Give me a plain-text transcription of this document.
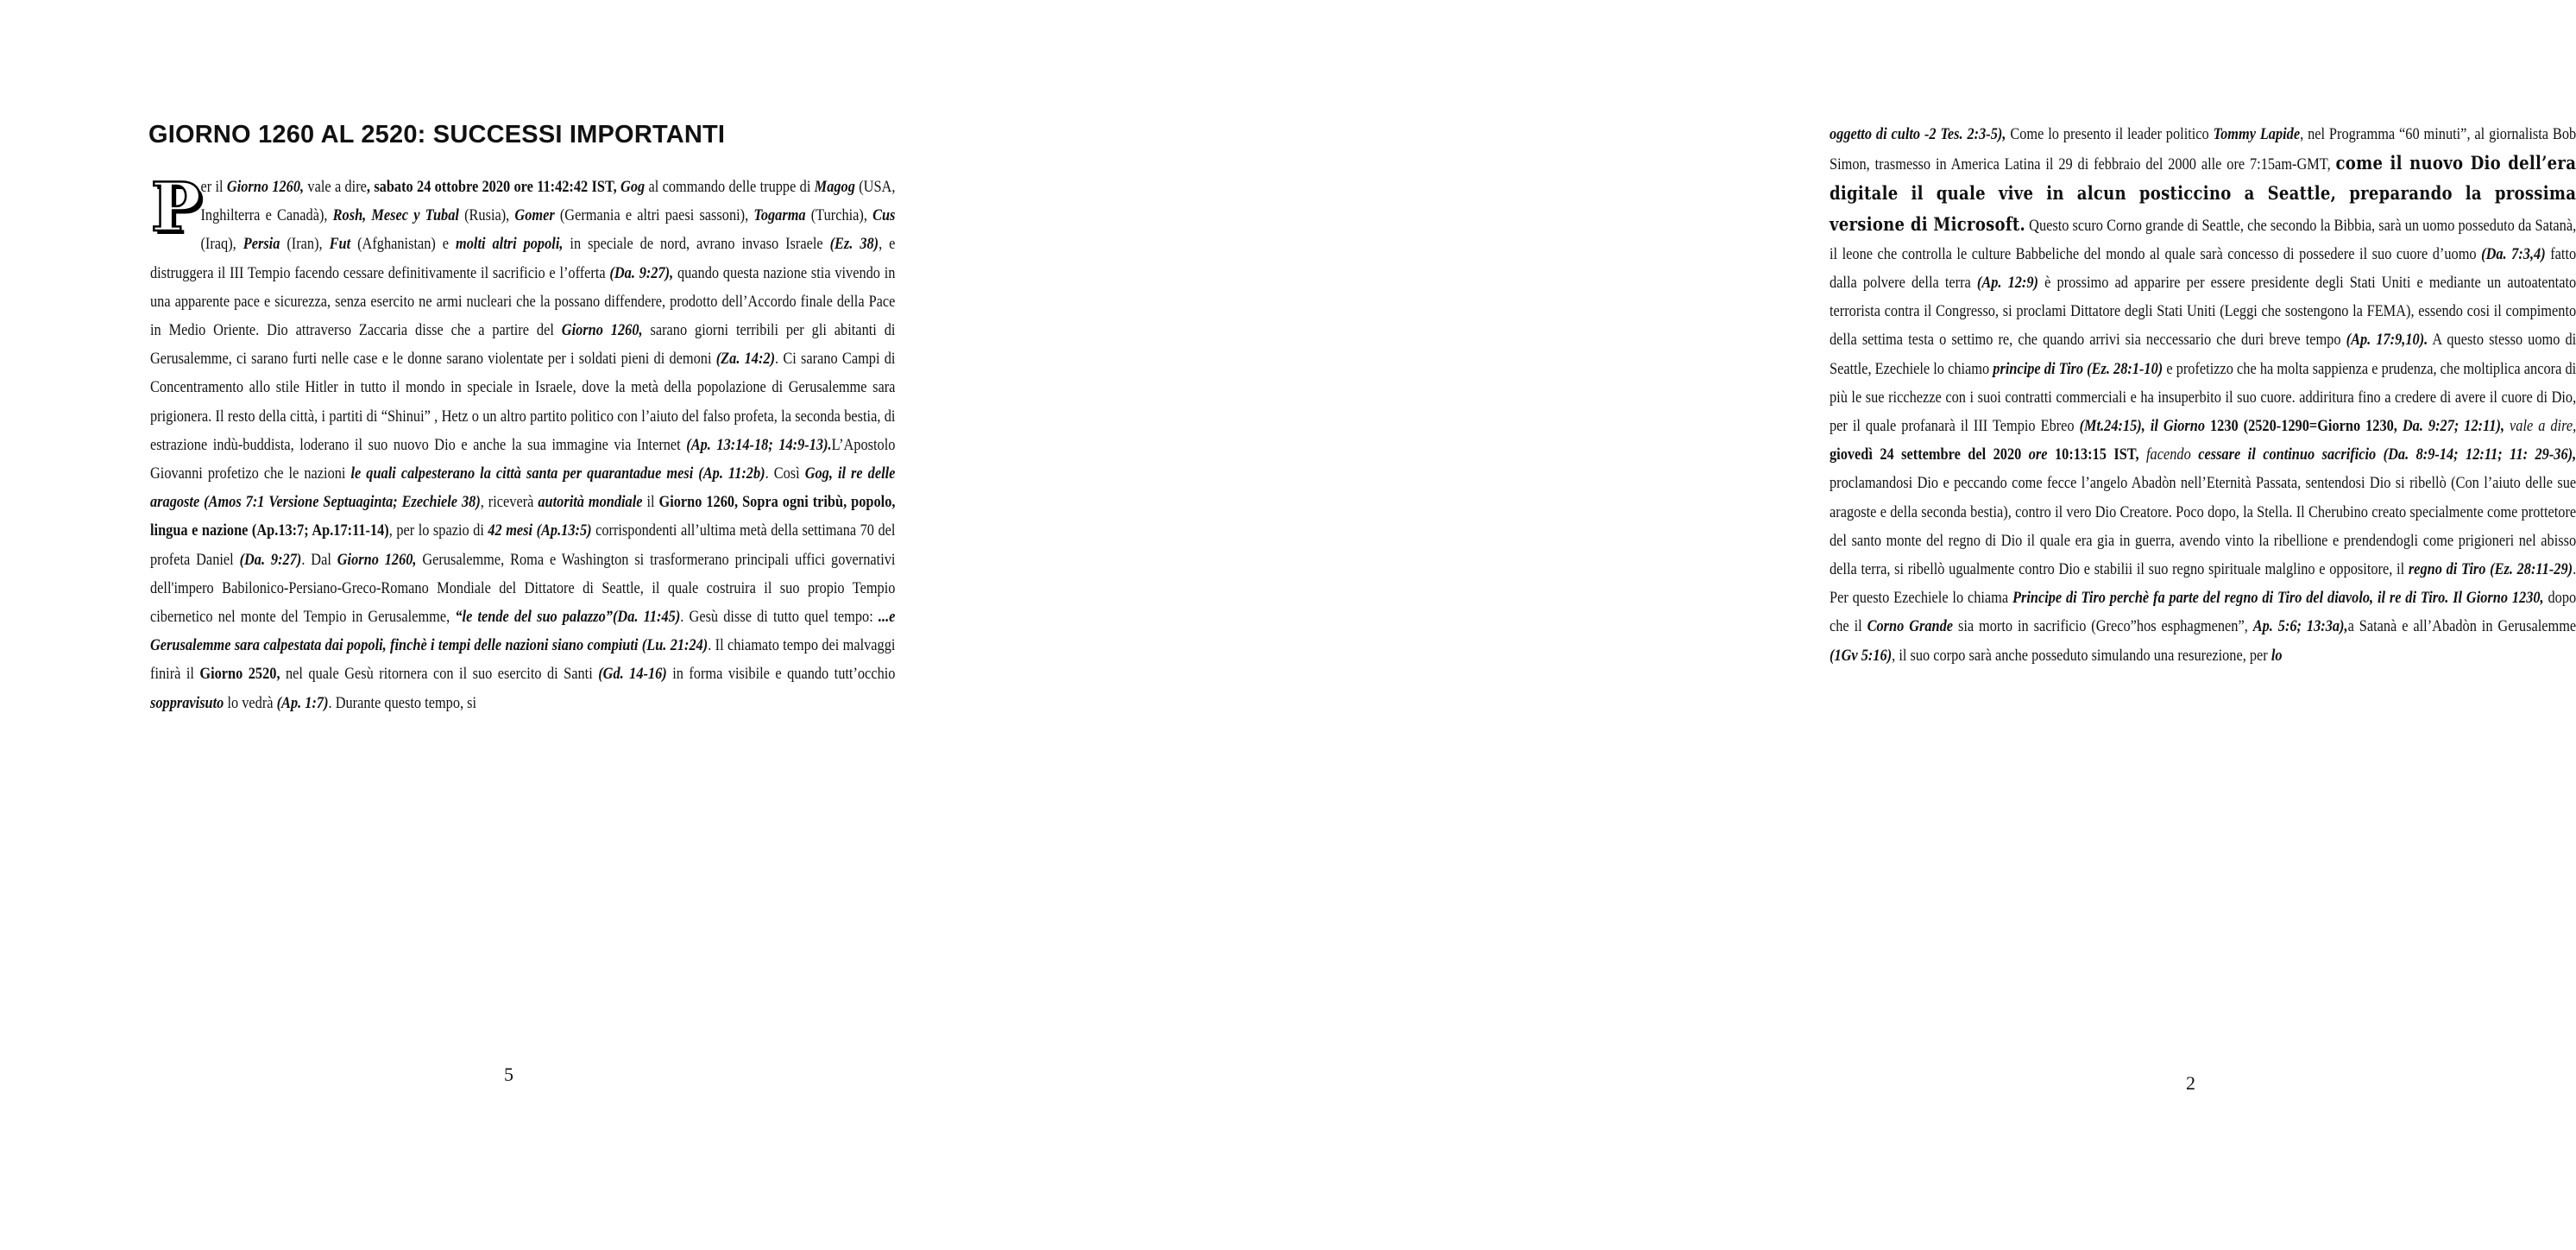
GIORNO 1260 AL 2520: SUCCESSI IMPORTANTI
Per il Giorno 1260, vale a dire, sabato 24 ottobre 2020 ore 11:42:42 IST, Gog al commando delle truppe di Magog (USA, Inghilterra e Canadà), Rosh, Mesec y Tubal (Rusia), Gomer (Germania e altri paesi sassoni), Togarma (Turchia), Cus (Iraq), Persia (Iran), Fut (Afghanistan) e molti altri popoli, in speciale de nord, avrano invaso Israele (Ez. 38), e distruggera il III Tempio facendo cessare definitivamente il sacrificio e l’offerta (Da. 9:27), quando questa nazione stia vivendo in una apparente pace e sicurezza, senza esercito ne armi nucleari che la possano diffendere, prodotto dell’Accordo finale della Pace in Medio Oriente. Dio attraverso Zaccaria disse che a partire del Giorno 1260, sarano giorni terribili per gli abitanti di Gerusalemme, ci sarano furti nelle case e le donne sarano violentate per i soldati pieni di demoni (Za. 14:2). Ci sarano Campi di Concentramento allo stile Hitler in tutto il mondo in speciale in Israele, dove la metà della popolazione di Gerusalemme sara prigionera. Il resto della città, i partiti di “Shinui” , Hetz o un altro partito politico con l’aiuto del falso profeta, la seconda bestia, di estrazione indù-buddista, loderano il suo nuovo Dio e anche la sua immagine via Internet (Ap. 13:14-18; 14:9-13).L’Apostolo Giovanni profetizo che le nazioni le quali calpesterano la città santa per quarantadue mesi (Ap. 11:2b). Così Gog, il re delle aragoste (Amos 7:1 Versione Septuaginta; Ezechiele 38), riceverà autorità mondiale il Giorno 1260, Sopra ogni tribù, popolo, lingua e nazione (Ap.13:7; Ap.17:11-14), per lo spazio di 42 mesi (Ap.13:5) corrispondenti all’ultima metà della settimana 70 del profeta Daniel (Da. 9:27). Dal Giorno 1260, Gerusalemme, Roma e Washington si trasformerano principali uffici governativi dell'impero Babilonico-Persiano-Greco-Romano Mondiale del Dittatore di Seattle, il quale costruira il suo propio Tempio cibernetico nel monte del Tempio in Gerusalemme, “le tende del suo palazzo”(Da. 11:45). Gesù disse di tutto quel tempo: ...e Gerusalemme sara calpestata dai popoli, finchè i tempi delle nazioni siano compiuti (Lu. 21:24). Il chiamato tempo dei malvaggi finirà il Giorno 2520, nel quale Gesù ritornera con il suo esercito di Santi (Gd. 14-16) in forma visibile e quando tutt’occhio soppravisuto lo vedrà (Ap. 1:7). Durante questo tempo, si
5
oggetto di culto -2 Tes. 2:3-5), Come lo presento il leader politico Tommy Lapide, nel Programma “60 minuti”, al giornalista Bob Simon, trasmesso in America Latina il 29 di febbraio del 2000 alle ore 7:15am-GMT, come il nuovo Dio dell’era digitale il quale vive in alcun posticcino a Seattle, preparando la prossima versione di Microsoft. Questo scuro Corno grande di Seattle, che secondo la Bibbia, sarà un uomo posseduto da Satanà, il leone che controlla le culture Babbeliche del mondo al quale sarà concesso di possedere il suo cuore d’uomo (Da. 7:3,4) fatto dalla polvere della terra (Ap. 12:9) è prossimo ad apparire per essere presidente degli Stati Uniti e mediante un autoatentato terrorista contra il Congresso, si proclami Dittatore degli Stati Uniti (Leggi che sostengono la FEMA), essendo cosi il compimento della settima testa o settimo re, che quando arrivi sia neccessario che duri breve tempo (Ap. 17:9,10). A questo stesso uomo di Seattle, Ezechiele lo chiamo principe di Tiro (Ez. 28:1-10) e profetizzo che ha molta sappienza e prudenza, che moltiplica ancora di più le sue ricchezze con i suoi contratti commerciali e ha insuperbito il suo cuore. addiritura fino a credere di avere il cuore di Dio, per il quale profanarà il III Tempio Ebreo (Mt.24:15), il Giorno 1230 (2520-1290=Giorno 1230, Da. 9:27; 12:11), vale a dire, giovedì 24 settembre del 2020 ore 10:13:15 IST, facendo cessare il continuo sacrificio (Da. 8:9-14; 12:11; 11: 29-36), proclamandosi Dio e peccando come fecce l’angelo Abadòn nell’Eternità Passata, sentendosi Dio si ribellò (Con l’aiuto delle sue aragoste e della seconda bestia), contro il vero Dio Creatore. Poco dopo, la Stella. Il Cherubino creato specialmente come prottetore del santo monte del regno di Dio il quale era gia in guerra, avendo vinto la ribellione e prendendogli come prigioneri nel abisso della terra, si ribellò ugualmente contro Dio e stabilii il suo regno spirituale malglino e oppositore, il regno di Tiro (Ez. 28:11-29). Per questo Ezechiele lo chiama Principe di Tiro perchè fa parte del regno di Tiro del diavolo, il re di Tiro. Il Giorno 1230, dopo che il Corno Grande sia morto in sacrificio (Greco”hos esphagmenen”, Ap. 5:6; 13:3a),a Satanà e all’Abadòn in Gerusalemme (1Gv 5:16), il suo corpo sarà anche posseduto simulando una resurezione, per lo
2
